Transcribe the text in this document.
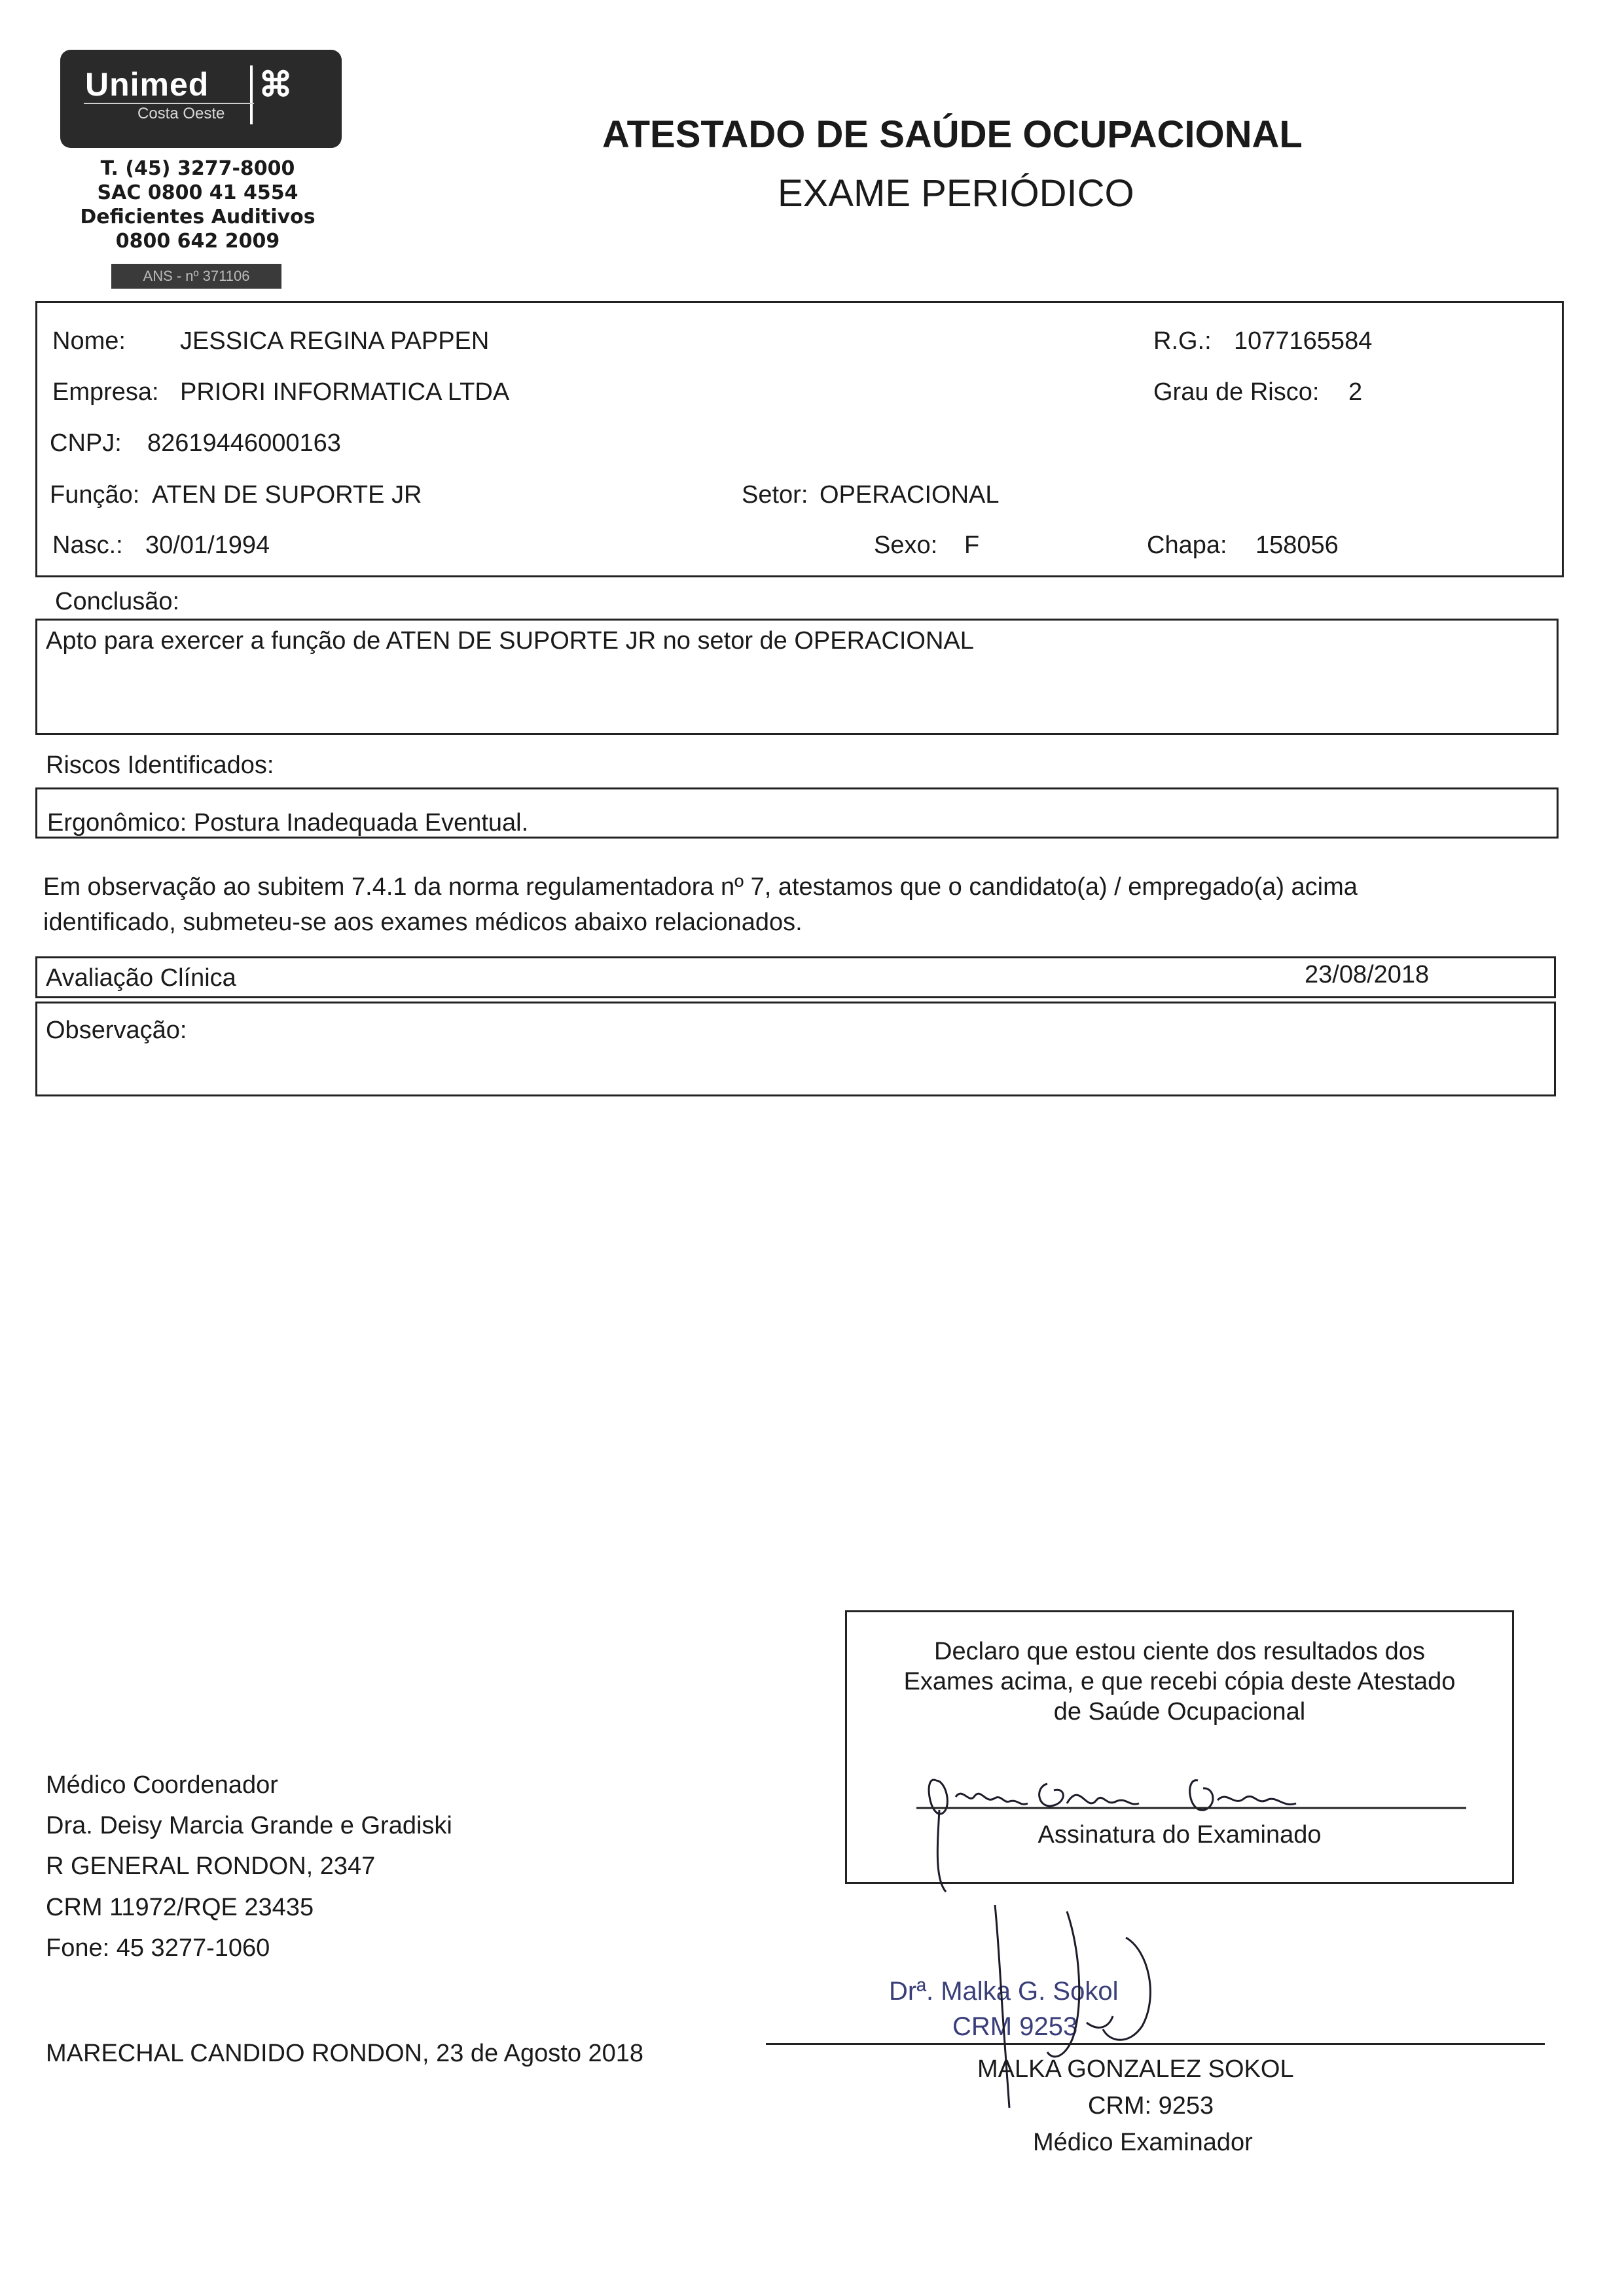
Unimed ⌘
Costa Oeste
T. (45) 3277-8000
SAC 0800 41 4554
Deficientes Auditivos
0800 642 2009
ANS - nº 371106
ATESTADO DE SAÚDE OCUPACIONAL
EXAME PERIÓDICO
Nome: JESSICA REGINA PAPPEN	R.G.: 1077165584
Empresa: PRIORI INFORMATICA LTDA	Grau de Risco: 2
CNPJ: 82619446000163
Função: ATEN DE SUPORTE JR	Setor: OPERACIONAL
Nasc.: 30/01/1994	Sexo: F	Chapa: 158056
Conclusão:
Apto para exercer a função de ATEN DE SUPORTE JR no setor de OPERACIONAL
Riscos Identificados:
Ergonômico: Postura Inadequada Eventual.
Em observação ao subitem 7.4.1 da norma regulamentadora nº 7, atestamos que o candidato(a) / empregado(a) acima
identificado, submeteu-se aos exames médicos abaixo relacionados.
Avaliação Clínica	23/08/2018
Observação:
Declaro que estou ciente dos resultados dos
Exames acima, e que recebi cópia deste Atestado
de Saúde Ocupacional
Assinatura do Examinado
Médico Coordenador
Dra. Deisy Marcia Grande e Gradiski
R GENERAL RONDON, 2347
CRM 11972/RQE 23435
Fone: 45 3277-1060
MARECHAL CANDIDO RONDON, 23 de Agosto 2018
Drª. Malka G. Sokol
CRM 9253
MALKA GONZALEZ SOKOL
CRM: 9253
Médico Examinador
